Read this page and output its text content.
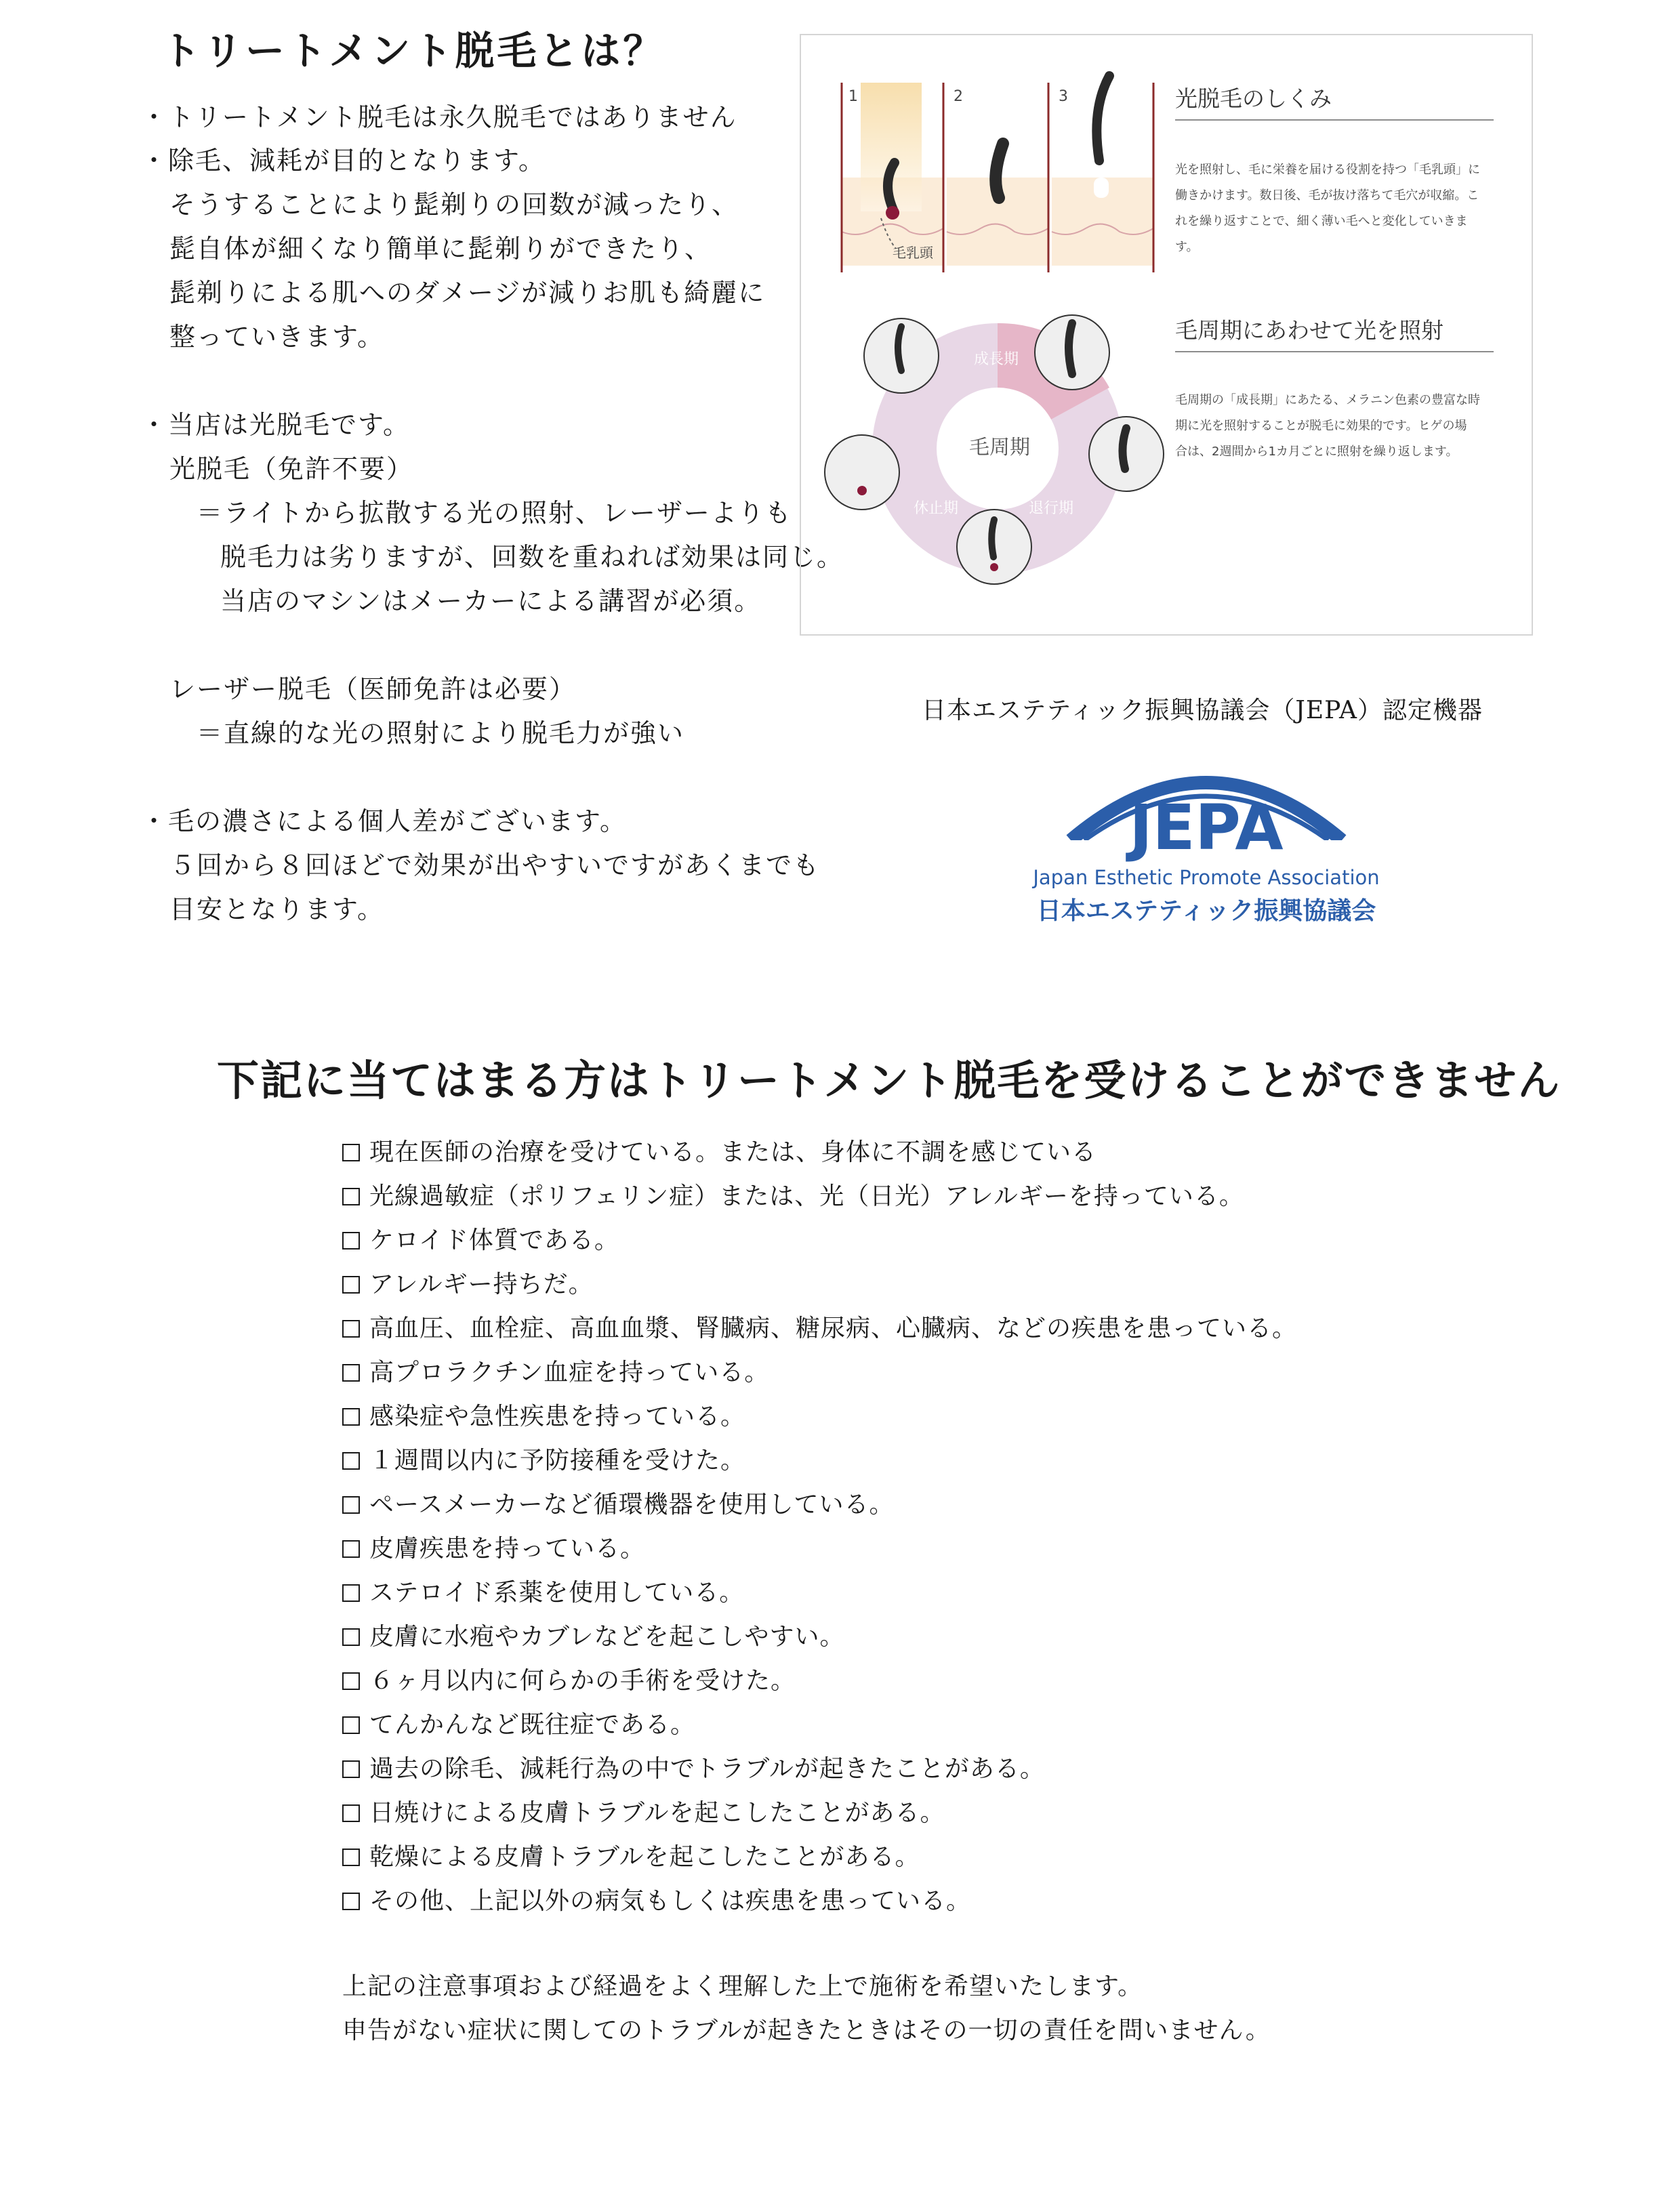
トリートメント脱毛とは？
・トリートメント脱毛は永久脱毛ではありません
・除毛、減耗が目的となります。
そうすることにより髭剃りの回数が減ったり、
髭自体が細くなり簡単に髭剃りができたり、
髭剃りによる肌へのダメージが減りお肌も綺麗に
整っていきます。
・当店は光脱毛です。
光脱毛（免許不要）
＝ライトから拡散する光の照射、レーザーよりも
脱毛力は劣りますが、回数を重ねれば効果は同じ。
当店のマシンはメーカーによる講習が必須。
レーザー脱毛（医師免許は必要）
＝直線的な光の照射により脱毛力が強い
・毛の濃さによる個人差がございます。
５回から８回ほどで効果が出やすいですがあくまでも
目安となります。
1	2	3
毛乳頭
毛周期
成長期
退行期
休止期
光脱毛のしくみ
光を照射し、毛に栄養を届ける役割を持つ「毛乳頭」に
働きかけます。数日後、毛が抜け落ちて毛穴が収縮。こ
れを繰り返すことで、細く薄い毛へと変化していきま
す。
毛周期にあわせて光を照射
毛周期の「成長期」にあたる、メラニン色素の豊富な時
期に光を照射することが脱毛に効果的です。ヒゲの場
合は、2週間から1カ月ごとに照射を繰り返します。
日本エステティック振興協議会（JEPA）認定機器
JEPA
Japan Esthetic Promote Association
日本エステティック振興協議会
下記に当てはまる方はトリートメント脱毛を受けることができません
現在医師の治療を受けている。または、身体に不調を感じている
光線過敏症（ポリフェリン症）または、光（日光）アレルギーを持っている。
ケロイド体質である。
アレルギー持ちだ。
高血圧、血栓症、高血血漿、腎臓病、糖尿病、心臓病、などの疾患を患っている。
高プロラクチン血症を持っている。
感染症や急性疾患を持っている。
１週間以内に予防接種を受けた。
ペースメーカーなど循環機器を使用している。
皮膚疾患を持っている。
ステロイド系薬を使用している。
皮膚に水疱やカブレなどを起こしやすい。
６ヶ月以内に何らかの手術を受けた。
てんかんなど既往症である。
過去の除毛、減耗行為の中でトラブルが起きたことがある。
日焼けによる皮膚トラブルを起こしたことがある。
乾燥による皮膚トラブルを起こしたことがある。
その他、上記以外の病気もしくは疾患を患っている。
上記の注意事項および経過をよく理解した上で施術を希望いたします。
申告がない症状に関してのトラブルが起きたときはその一切の責任を問いません。
